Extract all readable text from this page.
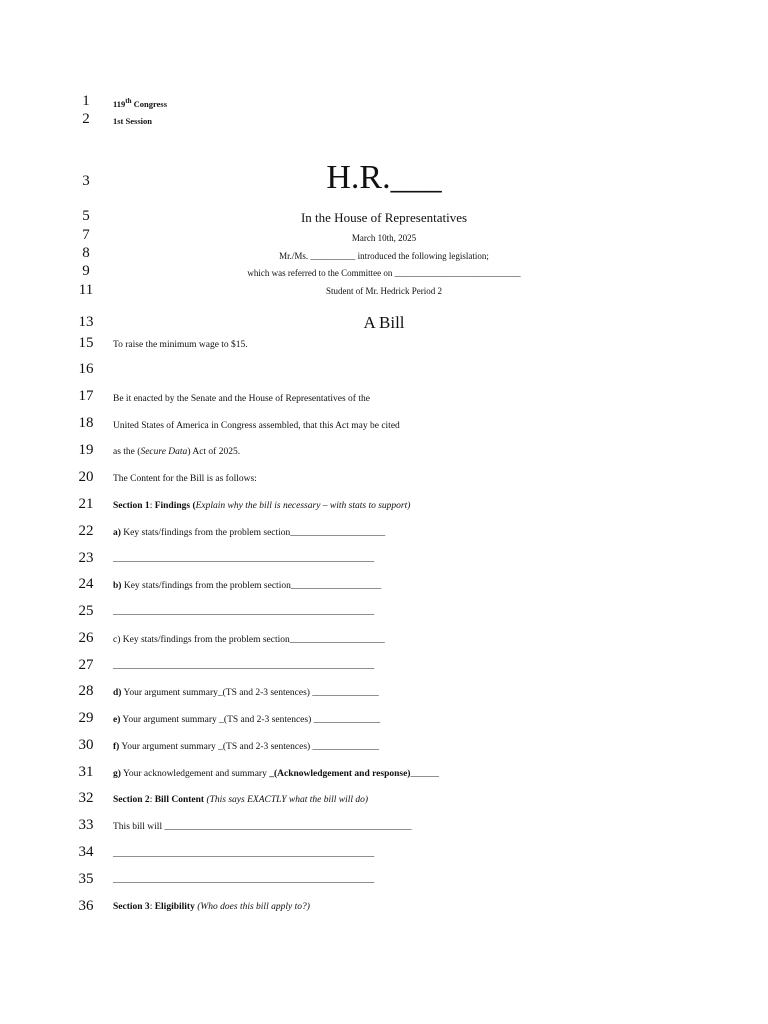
1
2
3
5
7
8
9
11
13
15
16
17
18
19
20
21
22
23
24
25
26
27
28
29
30
31
32
33
34
35
36
119th Congress
1st Session
H.R.___
In the House of Representatives
March 10th, 2025
Mr./Ms. __________ introduced the following legislation;
which was referred to the Committee on ____________________________
Student of Mr. Hedrick Period 2
A Bill
To raise the minimum wage to $15.
Be it enacted by the Senate and the House of Representatives of the
United States of America in Congress assembled, that this Act may be cited
as the (Secure Data) Act of 2025.
The Content for the Bill is as follows:
Section 1: Findings (Explain why the bill is necessary – with stats to support)
a) Key stats/findings from the problem section____________________
_______________________________________________________
b) Key stats/findings from the problem section___________________
_______________________________________________________
c) Key stats/findings from the problem section____________________
_______________________________________________________
d) Your argument summary_(TS and 2-3 sentences) ______________
e) Your argument summary _(TS and 2-3 sentences) ______________
f) Your argument summary _(TS and 2-3 sentences) ______________
g) Your acknowledgement and summary _(Acknowledgement and response)______
Section 2: Bill Content (This says EXACTLY what the bill will do)
This bill will ____________________________________________________
_______________________________________________________
_______________________________________________________
Section 3: Eligibility (Who does this bill apply to?)
